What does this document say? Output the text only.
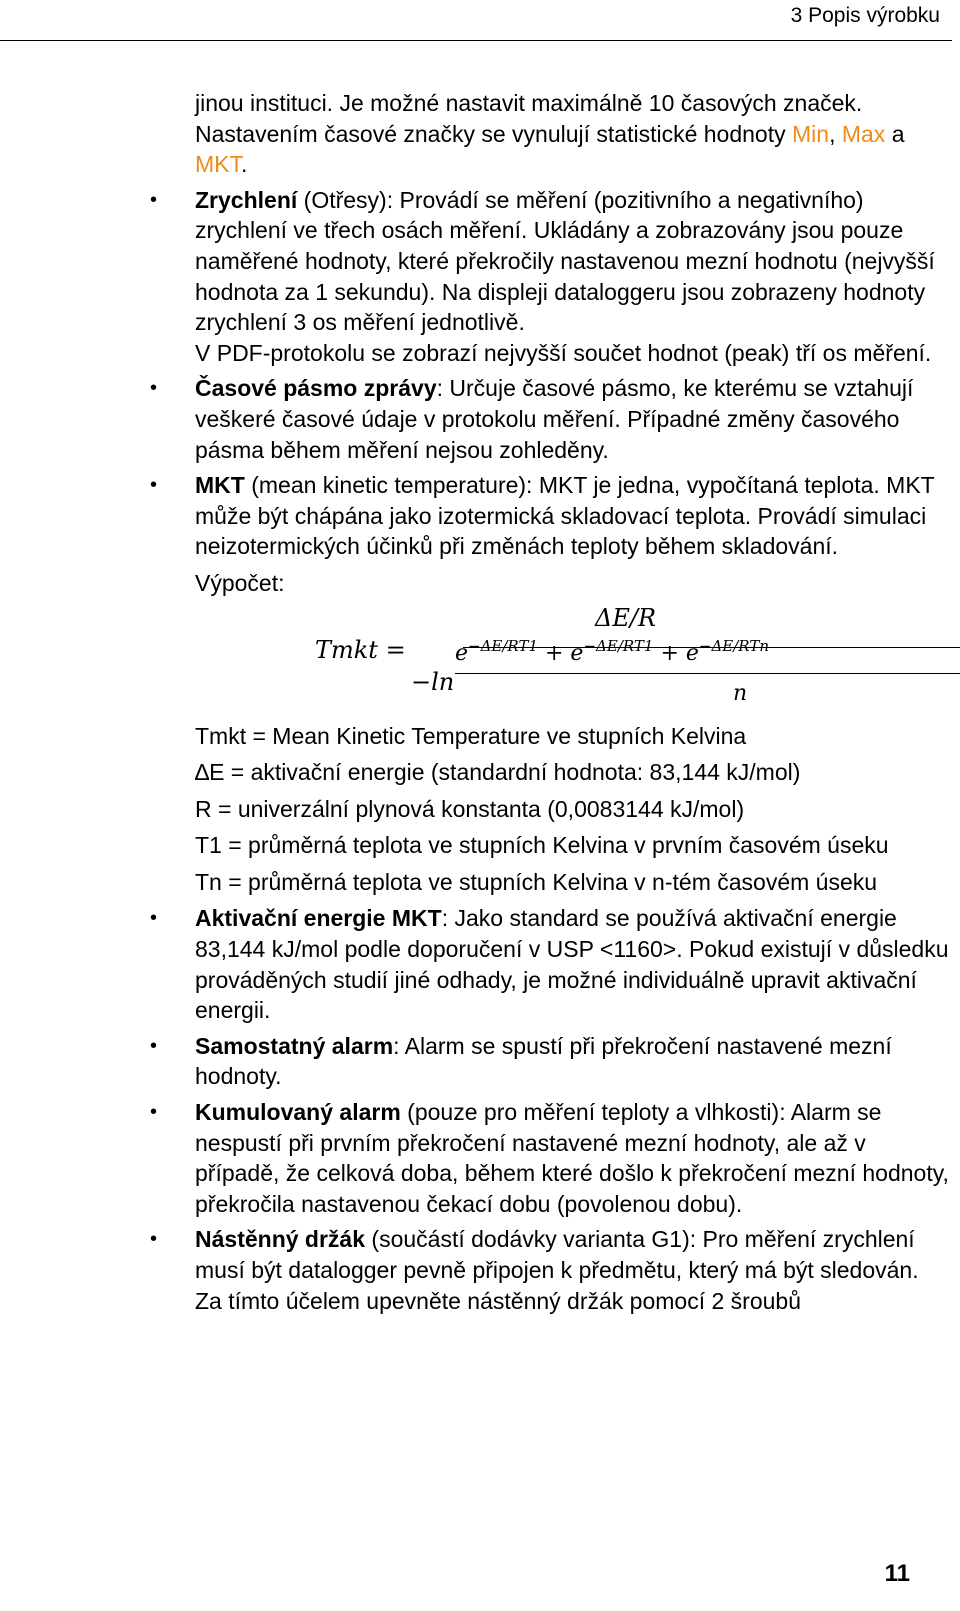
3 Popis výrobku

jinou instituci. Je možné nastavit maximálně 10 časových značek. Nastavením časové značky se vynulují statistické hodnoty Min, Max a MKT.

• Zrychlení (Otřesy): Provádí se měření (pozitivního a negativního) zrychlení ve třech osách měření. Ukládány a zobrazovány jsou pouze naměřené hodnoty, které překročily nastavenou mezní hodnotu (nejvyšší hodnota za 1 sekundu). Na displeji dataloggeru jsou zobrazeny hodnoty zrychlení 3 os měření jednotlivě.
V PDF-protokolu se zobrazí nejvyšší součet hodnot (peak) tří os měření.
• Časové pásmo zprávy: Určuje časové pásmo, ke kterému se vztahují veškeré časové údaje v protokolu měření. Případné změny časového pásma během měření nejsou zohleděny.
• MKT (mean kinetic temperature): MKT je jedna, vypočítaná teplota. MKT může být chápána jako izotermická skladovací teplota. Provádí simulaci neizotermických účinků při změnách teploty během skladování.
Výpočet:
Tmkt =
ΔE/R
−ln
$e^{-\Delta E/RT1} + e^{-\Delta E/RT1} + e^{-\Delta E/RTn}$
n
Tmkt = Mean Kinetic Temperature ve stupních Kelvina
∆E = aktivační energie (standardní hodnota: 83,144 kJ/mol)
R = univerzální plynová konstanta (0,0083144 kJ/mol)
T1 = průměrná teplota ve stupních Kelvina v prvním časovém úseku
Tn = průměrná teplota ve stupních Kelvina v n-tém časovém úseku
• Aktivační energie MKT: Jako standard se používá aktivační energie 83,144 kJ/mol podle doporučení v USP <1160>. Pokud existují v důsledku prováděných studií jiné odhady, je možné individuálně upravit aktivační energii.
• Samostatný alarm: Alarm se spustí při překročení nastavené mezní hodnoty.
• Kumulovaný alarm (pouze pro měření teploty a vlhkosti): Alarm se nespustí při prvním překročení nastavené mezní hodnoty, ale až v případě, že celková doba, během které došlo k překročení mezní hodnoty, překročila nastavenou čekací dobu (povolenou dobu).
• Nástěnný držák (součástí dodávky varianta G1): Pro měření zrychlení musí být datalogger pevně připojen k předmětu, který má být sledován.
Za tímto účelem upevněte nástěnný držák pomocí 2 šroubů
11
